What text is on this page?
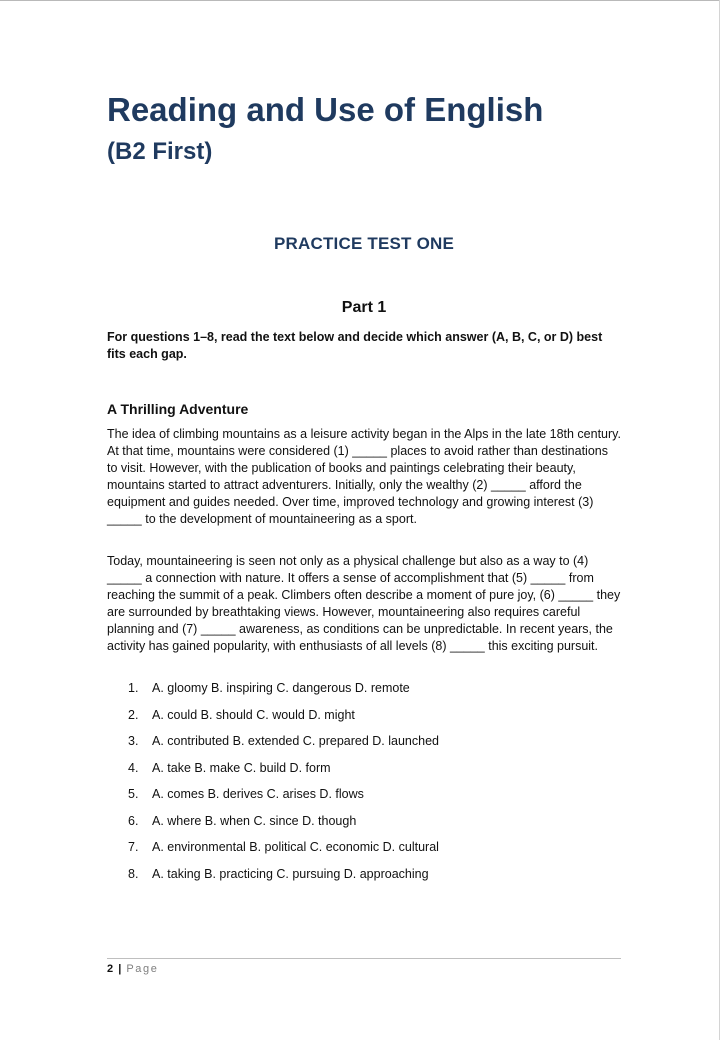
Reading and Use of English
(B2 First)
PRACTICE TEST ONE
Part 1
For questions 1–8, read the text below and decide which answer (A, B, C, or D) best fits each gap.
A Thrilling Adventure

The idea of climbing mountains as a leisure activity began in the Alps in the late 18th century. At that time, mountains were considered (1) _____ places to avoid rather than destinations to visit. However, with the publication of books and paintings celebrating their beauty, mountains started to attract adventurers. Initially, only the wealthy (2) _____ afford the equipment and guides needed. Over time, improved technology and growing interest (3) _____ to the development of mountaineering as a sport.

Today, mountaineering is seen not only as a physical challenge but also as a way to (4) _____ a connection with nature. It offers a sense of accomplishment that (5) _____ from reaching the summit of a peak. Climbers often describe a moment of pure joy, (6) _____ they are surrounded by breathtaking views. However, mountaineering also requires careful planning and (7) _____ awareness, as conditions can be unpredictable. In recent years, the activity has gained popularity, with enthusiasts of all levels (8) _____ this exciting pursuit.

1.	A. gloomy B. inspiring C. dangerous D. remote
2.	A. could B. should C. would D. might
3.	A. contributed B. extended C. prepared D. launched
4.	A. take B. make C. build D. form
5.	A. comes B. derives C. arises D. flows
6.	A. where B. when C. since D. though
7.	A. environmental B. political C. economic D. cultural
8.	A. taking B. practicing C. pursuing D. approaching
2 | Page
